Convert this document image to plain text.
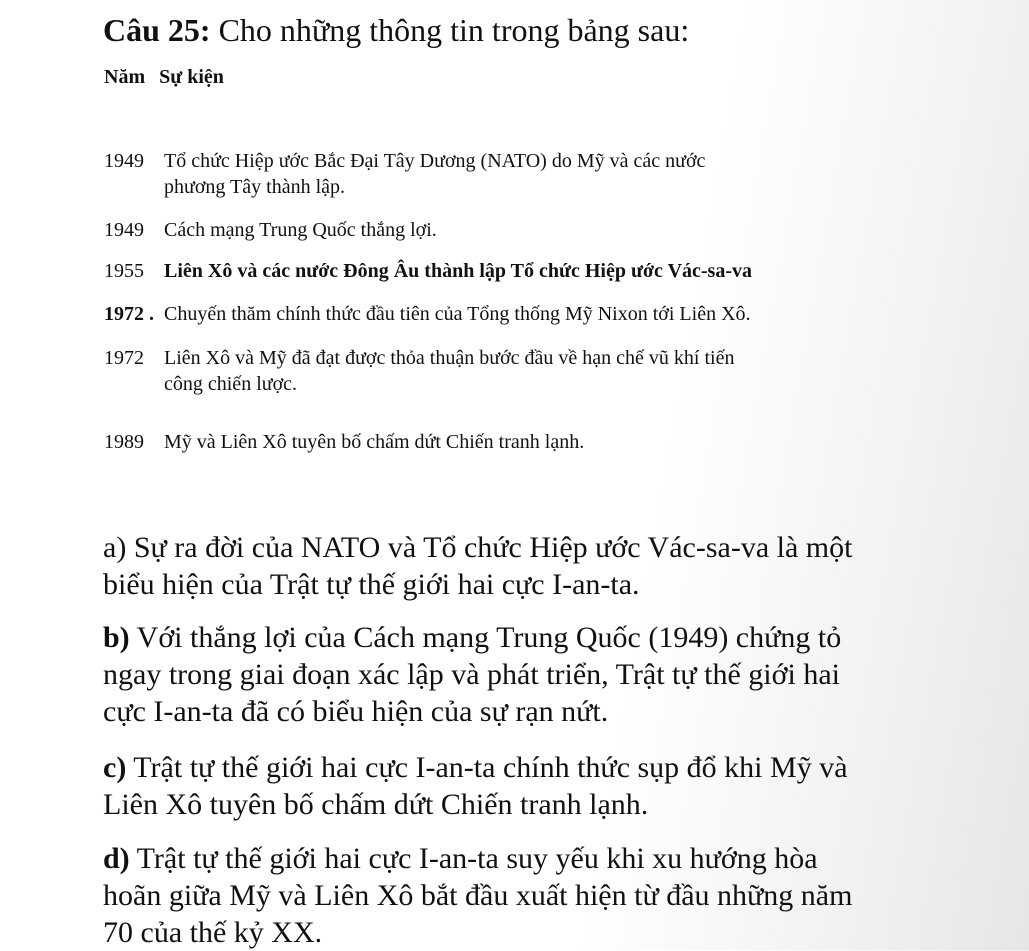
Câu 25: Cho những thông tin trong bảng sau:
Năm Sự kiện
1949 Tổ chức Hiệp ước Bắc Đại Tây Dương (NATO) do Mỹ và các nước
phương Tây thành lập.
1949 Cách mạng Trung Quốc thắng lợi.
1955 Liên Xô và các nước Đông Âu thành lập Tổ chức Hiệp ước Vác-sa-va
1972 . Chuyến thăm chính thức đầu tiên của Tổng thống Mỹ Nixon tới Liên Xô.
1972 Liên Xô và Mỹ đã đạt được thỏa thuận bước đầu về hạn chế vũ khí tiến
công chiến lược.
1989 Mỹ và Liên Xô tuyên bố chấm dứt Chiến tranh lạnh.
a) Sự ra đời của NATO và Tổ chức Hiệp ước Vác-sa-va là một
biểu hiện của Trật tự thế giới hai cực I-an-ta.
b) Với thắng lợi của Cách mạng Trung Quốc (1949) chứng tỏ
ngay trong giai đoạn xác lập và phát triển, Trật tự thế giới hai
cực I-an-ta đã có biểu hiện của sự rạn nứt.
c) Trật tự thế giới hai cực I-an-ta chính thức sụp đổ khi Mỹ và
Liên Xô tuyên bố chấm dứt Chiến tranh lạnh.
d) Trật tự thế giới hai cực I-an-ta suy yếu khi xu hướng hòa
hoãn giữa Mỹ và Liên Xô bắt đầu xuất hiện từ đầu những năm
70 của thế kỷ XX.
